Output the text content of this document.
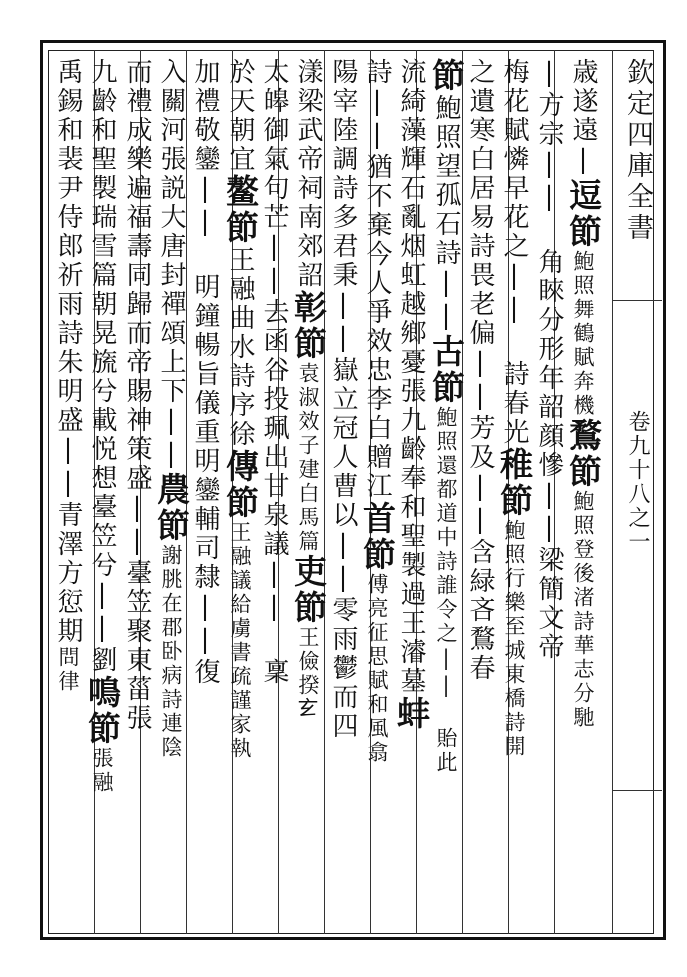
欽定四庫全書
卷九十八之一
歳遂遠|逗節鮑照舞鶴賦奔機鶩節鮑照登後渚詩華志分馳
|方宗|| 角睞分形年韶顔慘||梁簡文帝
梅花賦憐早花之|| 詩春光稚節鮑照行樂至城東橋詩開
之遺寒白居易詩畏老偏||芳及||含緑吝鶩春
節鮑照望孤石詩||古節鮑照還都道中詩誰令之|| 貽此
流綺藻輝石亂烟虹越鄉憂張九齡奉和聖製過王濬墓蚌
詩||猶不棄今人爭效忠李白贈江首節傅亮征思賦和風翕
陽宰陸調詩多君秉||嶽立冠人曹以||零雨鬱而四
漾梁武帝祠南郊詔彰節袁淑效子建白馬篇吏節王儉揆𤣥
太皞御氣句芒||去函谷投珮出甘泉議|| 稟
於天朝宜鳌節王融曲水詩序徐傳節王融議給虜書疏謹家執
加禮敬鑾|| 明鐘暢旨儀重明鑾輔司隸||復
入關河張説大唐封禪頌上下||農節謝朓在郡卧病詩連陰
而禮成樂遍福壽同歸而帝賜神策盛||臺笠聚東菑張
九齡和聖製瑞雪篇朝晃旒兮載悦想臺笠兮||劉鳴節張融
禹錫和裴尹侍郎祈雨詩朱明盛||青澤方愆期問律
